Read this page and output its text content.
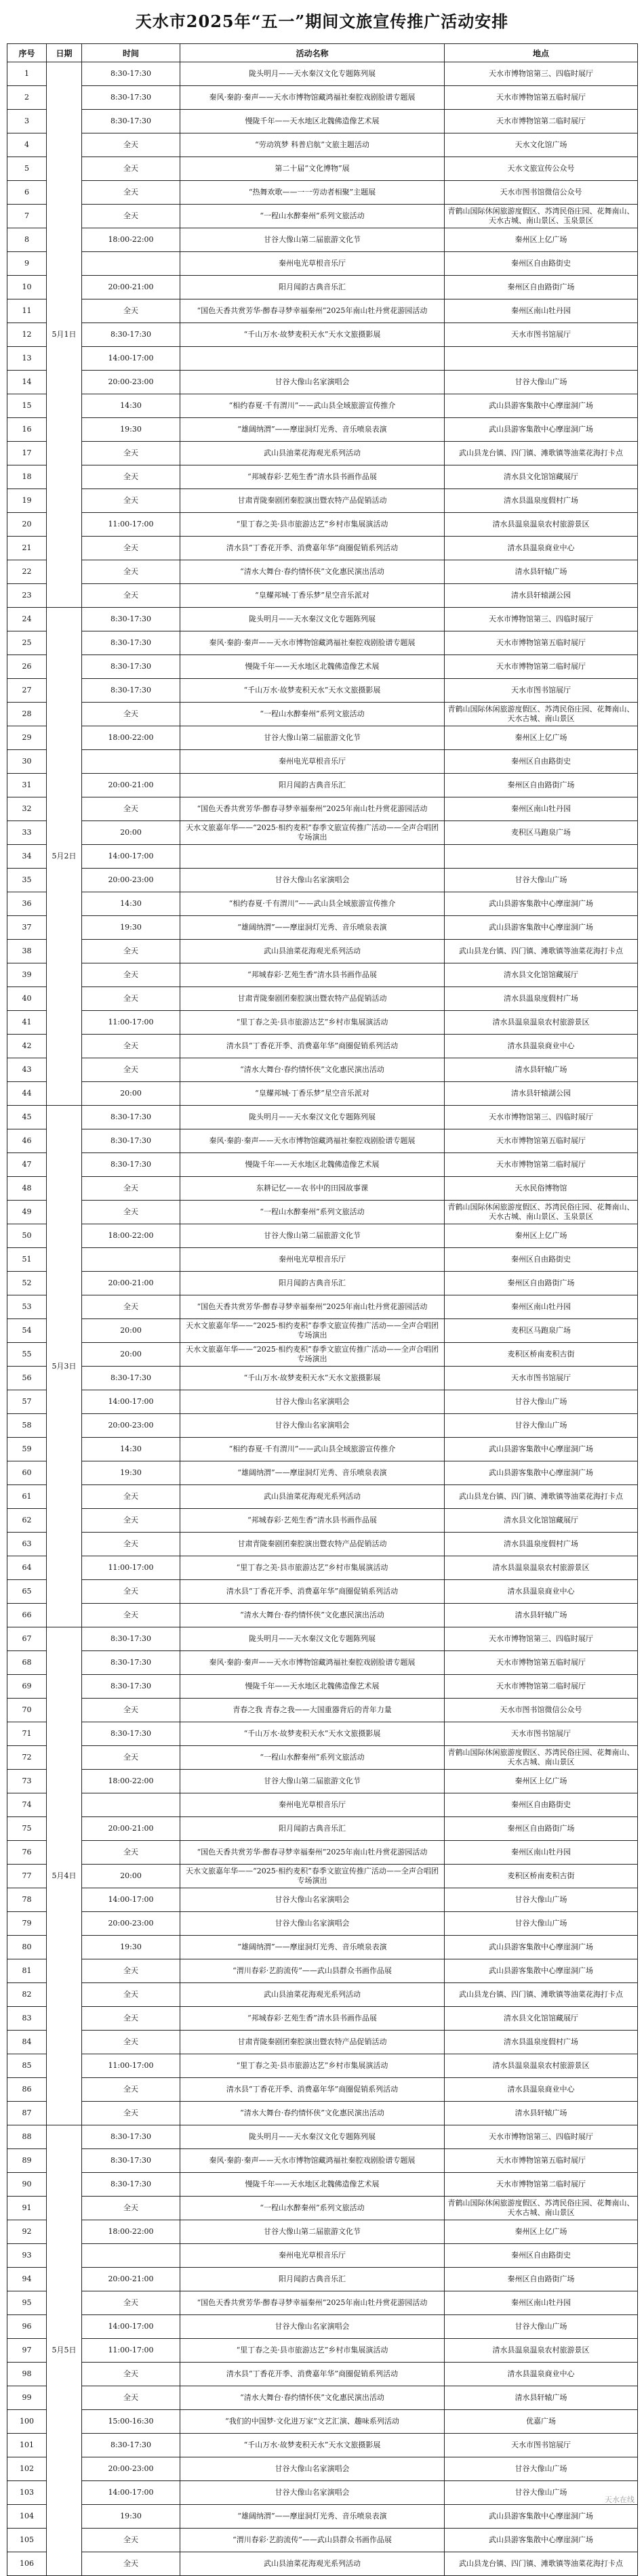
天水市2025年“五一”期间文旅宣传推广活动安排
序号	日期	时间	活动名称	地点
1	5月1日	8:30-17:30	陇头明月——天水秦汉文化专题陈列展	天水市博物馆第三、四临时展厅
2		8:30-17:30	秦风·秦韵·秦声——天水市博物馆藏鸿福社秦腔戏剧脸谱专题展	天水市博物馆第五临时展厅
3		8:30-17:30	慢陇千年——天水地区北魏佛造像艺术展	天水市博物馆第二临时展厅
4		全天	“劳动筑梦 科普启航”文旅主题活动	天水文化馆广场
5		全天	第二十届“文化博物”展	天水文旅宣传公众号
6		全天	“热舞欢歌——一一劳动者相聚”主题展	天水市图书馆微信公众号
7		全天	“一程山水醉秦州”系列文旅活动	青鹤山国际休闲旅游度假区、苏湾民俗庄园、花舞南山、天水古城、南山景区、玉泉景区
8		18:00-22:00	甘谷大像山第二届旅游文化节	秦州区上亿广场
9			秦州电光草根音乐厅	秦州区自由路街史
10		20:00-21:00	阳月闻韵古典音乐汇	秦州区自由路街广场
11		全天	“国色天香共赏芳华·醉春寻梦幸福秦州”2025年南山牡丹赏花游园活动	秦州区南山牡丹园
12		8:30-17:30	“千山万水·故梦麦积天水”天水文旅摄影展	天水市图书馆展厅
13		14:00-17:00		
14		20:00-23:00	甘谷大像山名家演唱会	甘谷大像山广场
15		14:30	“相约春夏·千有渭川”——武山县全域旅游宣传推介	武山县游客集散中心摩崖洞广场
16		19:30	“雄阔纳渭”——摩崖洞灯光秀、音乐喷泉表演	武山县游客集散中心摩崖洞广场
17		全天	武山县油菜花海观光系列活动	武山县龙台镇、四门镇、滩歌镇等油菜花海打卡点
18		全天	“邦城春彩·艺苑生香”清水县书画作品展	清水县文化馆馆藏展厅
19		全天	甘肃青陇秦剧团秦腔演出暨农特产品促销活动	清水县温泉度假村广场
20		11:00-17:00	“里丁春之美·县市旅游达艺”乡村市集展演活动	清水县温泉温泉农村旅游景区
21		全天	清水县“丁香花开季、消费嘉年华”商圈促销系列活动	清水县温泉商业中心
22		全天	“清水大舞台·春约情怀侠”文化惠民演出活动	清水县轩辕广场
23		全天	“皇耀邦城·丁香乐梦”星空音乐派对	清水县轩辕湖公园
24	5月2日	8:30-17:30	陇头明月——天水秦汉文化专题陈列展	天水市博物馆第三、四临时展厅
25		8:30-17:30	秦风·秦韵·秦声——天水市博物馆藏鸿福社秦腔戏剧脸谱专题展	天水市博物馆第五临时展厅
26		8:30-17:30	慢陇千年——天水地区北魏佛造像艺术展	天水市博物馆第二临时展厅
27		8:30-17:30	“千山万水·故梦麦积天水”天水文旅摄影展	天水市图书馆展厅
28		全天	“一程山水醉秦州”系列文旅活动	青鹤山国际休闲旅游度假区、苏湾民俗庄园、花舞南山、天水古城、南山景区
29		18:00-22:00	甘谷大像山第二届旅游文化节	秦州区上亿广场
30			秦州电光草根音乐厅	秦州区自由路街史
31		20:00-21:00	阳月闻韵古典音乐汇	秦州区自由路街广场
32		全天	“国色天香共赏芳华·醉春寻梦幸福秦州”2025年南山牡丹赏花游园活动	秦州区南山牡丹园
33		20:00	天水文旅嘉年华——“2025·相约麦积”春季文旅宣传推广活动——全声合唱团专场演出	麦积区马跑泉广场
34		14:00-17:00		
35		20:00-23:00	甘谷大像山名家演唱会	甘谷大像山广场
36		14:30	“相约春夏·千有渭川”——武山县全域旅游宣传推介	武山县游客集散中心摩崖洞广场
37		19:30	“雄阔纳渭”——摩崖洞灯光秀、音乐喷泉表演	武山县游客集散中心摩崖洞广场
38		全天	武山县油菜花海观光系列活动	武山县龙台镇、四门镇、滩歌镇等油菜花海打卡点
39		全天	“邦城春彩·艺苑生香”清水县书画作品展	清水县文化馆馆藏展厅
40		全天	甘肃青陇秦剧团秦腔演出暨农特产品促销活动	清水县温泉度假村广场
41		11:00-17:00	“里丁春之美·县市旅游达艺”乡村市集展演活动	清水县温泉温泉农村旅游景区
42		全天	清水县“丁香花开季、消费嘉年华”商圈促销系列活动	清水县温泉商业中心
43		全天	“清水大舞台·春约情怀侠”文化惠民演出活动	清水县轩辕广场
44		20:00	“皇耀邦城·丁香乐梦”星空音乐派对	清水县轩辕湖公园
45	5月3日	8:30-17:30	陇头明月——天水秦汉文化专题陈列展	天水市博物馆第三、四临时展厅
46		8:30-17:30	秦风·秦韵·秦声——天水市博物馆藏鸿福社秦腔戏剧脸谱专题展	天水市博物馆第五临时展厅
47		8:30-17:30	慢陇千年——天水地区北魏佛造像艺术展	天水市博物馆第二临时展厅
48		全天	东耕记忆——农书中的田园故事课	天水民俗博物馆
49		全天	“一程山水醉秦州”系列文旅活动	青鹤山国际休闲旅游度假区、苏湾民俗庄园、花舞南山、天水古城、南山景区、玉泉景区
50		18:00-22:00	甘谷大像山第二届旅游文化节	秦州区上亿广场
51			秦州电光草根音乐厅	秦州区自由路街史
52		20:00-21:00	阳月闻韵古典音乐汇	秦州区自由路街广场
53		全天	“国色天香共赏芳华·醉春寻梦幸福秦州”2025年南山牡丹赏花游园活动	秦州区南山牡丹园
54		20:00	天水文旅嘉年华——“2025·相约麦积”春季文旅宣传推广活动——全声合唱团专场演出	麦积区马跑泉广场
55		20:00	天水文旅嘉年华——“2025·相约麦积”春季文旅宣传推广活动——全声合唱团专场演出	麦积区桥南麦积古街
56		8:30-17:30	“千山万水·故梦麦积天水”天水文旅摄影展	天水市图书馆展厅
57		14:00-17:00	甘谷大像山名家演唱会	甘谷大像山广场
58		20:00-23:00	甘谷大像山名家演唱会	甘谷大像山广场
59		14:30	“相约春夏·千有渭川”——武山县全域旅游宣传推介	武山县游客集散中心摩崖洞广场
60		19:30	“雄阔纳渭”——摩崖洞灯光秀、音乐喷泉表演	武山县游客集散中心摩崖洞广场
61		全天	武山县油菜花海观光系列活动	武山县龙台镇、四门镇、滩歌镇等油菜花海打卡点
62		全天	“邦城春彩·艺苑生香”清水县书画作品展	清水县文化馆馆藏展厅
63		全天	甘肃青陇秦剧团秦腔演出暨农特产品促销活动	清水县温泉度假村广场
64		11:00-17:00	“里丁春之美·县市旅游达艺”乡村市集展演活动	清水县温泉温泉农村旅游景区
65		全天	清水县“丁香花开季、消费嘉年华”商圈促销系列活动	清水县温泉商业中心
66		全天	“清水大舞台·春约情怀侠”文化惠民演出活动	清水县轩辕广场
67	5月4日	8:30-17:30	陇头明月——天水秦汉文化专题陈列展	天水市博物馆第三、四临时展厅
68		8:30-17:30	秦风·秦韵·秦声——天水市博物馆藏鸿福社秦腔戏剧脸谱专题展	天水市博物馆第五临时展厅
69		8:30-17:30	慢陇千年——天水地区北魏佛造像艺术展	天水市博物馆第二临时展厅
70		全天	青春之我 青春之我——大国重器背后的青年力量	天水市图书馆微信公众号
71		8:30-17:30	“千山万水·故梦麦积天水”天水文旅摄影展	天水市图书馆展厅
72		全天	“一程山水醉秦州”系列文旅活动	青鹤山国际休闲旅游度假区、苏湾民俗庄园、花舞南山、天水古城、南山景区
73		18:00-22:00	甘谷大像山第二届旅游文化节	秦州区上亿广场
74			秦州电光草根音乐厅	秦州区自由路街史
75		20:00-21:00	阳月闻韵古典音乐汇	秦州区自由路街广场
76		全天	“国色天香共赏芳华·醉春寻梦幸福秦州”2025年南山牡丹赏花游园活动	秦州区南山牡丹园
77		20:00	天水文旅嘉年华——“2025·相约麦积”春季文旅宣传推广活动——全声合唱团专场演出	麦积区桥南麦积古街
78		14:00-17:00	甘谷大像山名家演唱会	甘谷大像山广场
79		20:00-23:00	甘谷大像山名家演唱会	甘谷大像山广场
80		19:30	“雄阔纳渭”——摩崖洞灯光秀、音乐喷泉表演	武山县游客集散中心摩崖洞广场
81		全天	“渭川春彩·艺韵流传”——武山县群众书画作品展	武山县游客集散中心摩崖洞广场
82		全天	武山县油菜花海观光系列活动	武山县龙台镇、四门镇、滩歌镇等油菜花海打卡点
83		全天	“邦城春彩·艺苑生香”清水县书画作品展	清水县文化馆馆藏展厅
84		全天	甘肃青陇秦剧团秦腔演出暨农特产品促销活动	清水县温泉度假村广场
85		11:00-17:00	“里丁春之美·县市旅游达艺”乡村市集展演活动	清水县温泉温泉农村旅游景区
86		全天	清水县“丁香花开季、消费嘉年华”商圈促销系列活动	清水县温泉商业中心
87		全天	“清水大舞台·春约情怀侠”文化惠民演出活动	清水县轩辕广场
88	5月5日	8:30-17:30	陇头明月——天水秦汉文化专题陈列展	天水市博物馆第三、四临时展厅
89		8:30-17:30	秦风·秦韵·秦声——天水市博物馆藏鸿福社秦腔戏剧脸谱专题展	天水市博物馆第五临时展厅
90		8:30-17:30	慢陇千年——天水地区北魏佛造像艺术展	天水市博物馆第二临时展厅
91		全天	“一程山水醉秦州”系列文旅活动	青鹤山国际休闲旅游度假区、苏湾民俗庄园、花舞南山、天水古城、南山景区
92		18:00-22:00	甘谷大像山第二届旅游文化节	秦州区上亿广场
93			秦州电光草根音乐厅	秦州区自由路街史
94		20:00-21:00	阳月闻韵古典音乐汇	秦州区自由路街广场
95		全天	“国色天香共赏芳华·醉春寻梦幸福秦州”2025年南山牡丹赏花游园活动	秦州区南山牡丹园
96		14:00-17:00	甘谷大像山名家演唱会	甘谷大像山广场
97		11:00-17:00	“里丁春之美·县市旅游达艺”乡村市集展演活动	清水县温泉温泉农村旅游景区
98		全天	清水县“丁香花开季、消费嘉年华”商圈促销系列活动	清水县温泉商业中心
99		全天	“清水大舞台·春约情怀侠”文化惠民演出活动	清水县轩辕广场
100		15:00-16:30	“我们的中国梦·文化进万家”文艺汇演、趣味系列活动	优嘉广场
101		8:30-17:30	“千山万水·故梦麦积天水”天水文旅摄影展	天水市图书馆展厅
102		20:00-23:00	甘谷大像山名家演唱会	甘谷大像山广场
103		14:00-17:00	甘谷大像山名家演唱会	甘谷大像山广场
104		19:30	“雄阔纳渭”——摩崖洞灯光秀、音乐喷泉表演	武山县游客集散中心摩崖洞广场
105		全天	“渭川春彩·艺韵流传”——武山县群众书画作品展	武山县游客集散中心摩崖洞广场
106		全天	武山县油菜花海观光系列活动	武山县龙台镇、四门镇、滩歌镇等油菜花海打卡点
天水在线
